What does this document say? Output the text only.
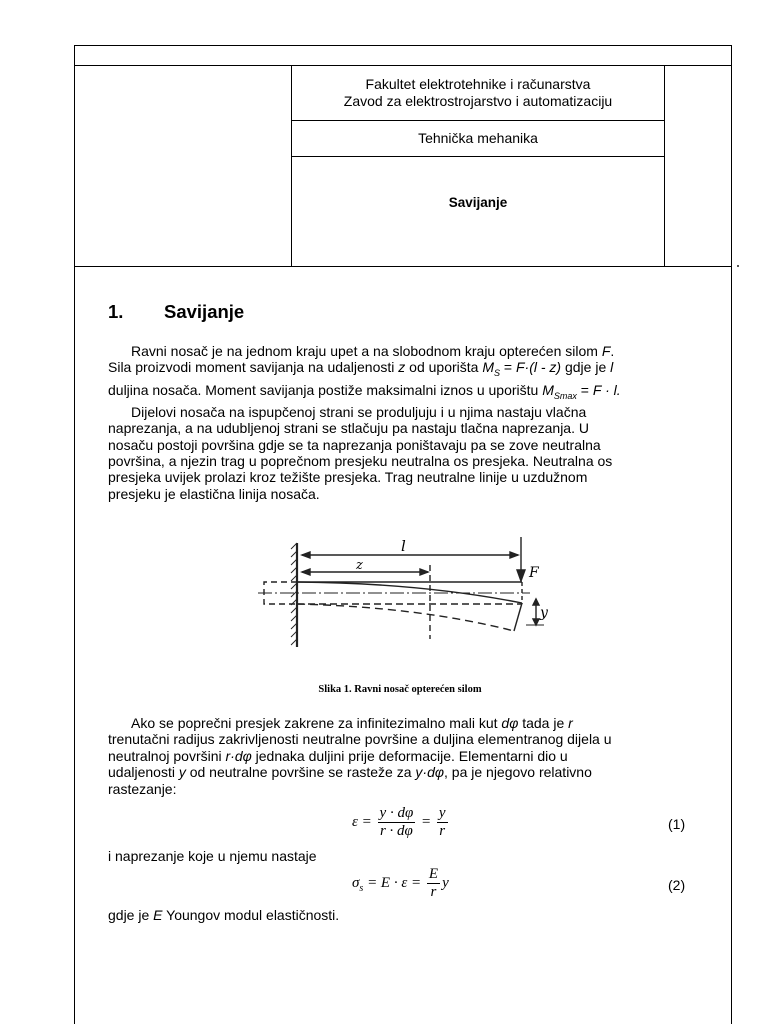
Fakultet elektrotehnike i računarstva
Zavod za elektrostrojarstvo i automatizaciju
Tehnička mehanika
Savijanje
1. Savijanje
Ravni nosač je na jednom kraju upet a na slobodnom kraju opterećen silom F.
Sila proizvodi moment savijanja na udaljenosti z od uporišta $M_S = F\cdot(l - z)$ gdje je l
duljina nosača. Moment savijanja postiže maksimalni iznos u uporištu $M_{Smax} = F \cdot l$.
Dijelovi nosača na ispupčenoj strani se produljuju i u njima nastaju vlačna
naprezanja, a na udubljenoj strani se stlačuju pa nastaju tlačna naprezanja. U
nosaču postoji površina gdje se ta naprezanja poništavaju pa se zove neutralna
površina, a njezin trag u poprečnom presjeku neutralna os presjeka. Neutralna os
presjeka uvijek prolazi kroz težište presjeka. Trag neutralne linije u uzdužnom
presjeku je elastična linija nosača.
l
z	F
y
Slika 1. Ravni nosač opterećen silom
Ako se poprečni presjek zakrene za infinitezimalno mali kut dφ tada je r
trenutačni radijus zakrivljenosti neutralne površine a duljina elementranog dijela u
neutralnoj površini r·dφ jednaka duljini prije deformacije. Elementarni dio u
udaljenosti y od neutralne površine se rasteže za y·dφ, pa je njegovo relativno
rastezanje:
$\varepsilon = \frac{y \cdot d\varphi}{r \cdot d\varphi} = \frac{y}{r}$	(1)
i naprezanje koje u njemu nastaje
$\sigma_s = E \cdot \varepsilon = \frac{E}{r}$ y	(2)
gdje je E Youngov modul elastičnosti.
